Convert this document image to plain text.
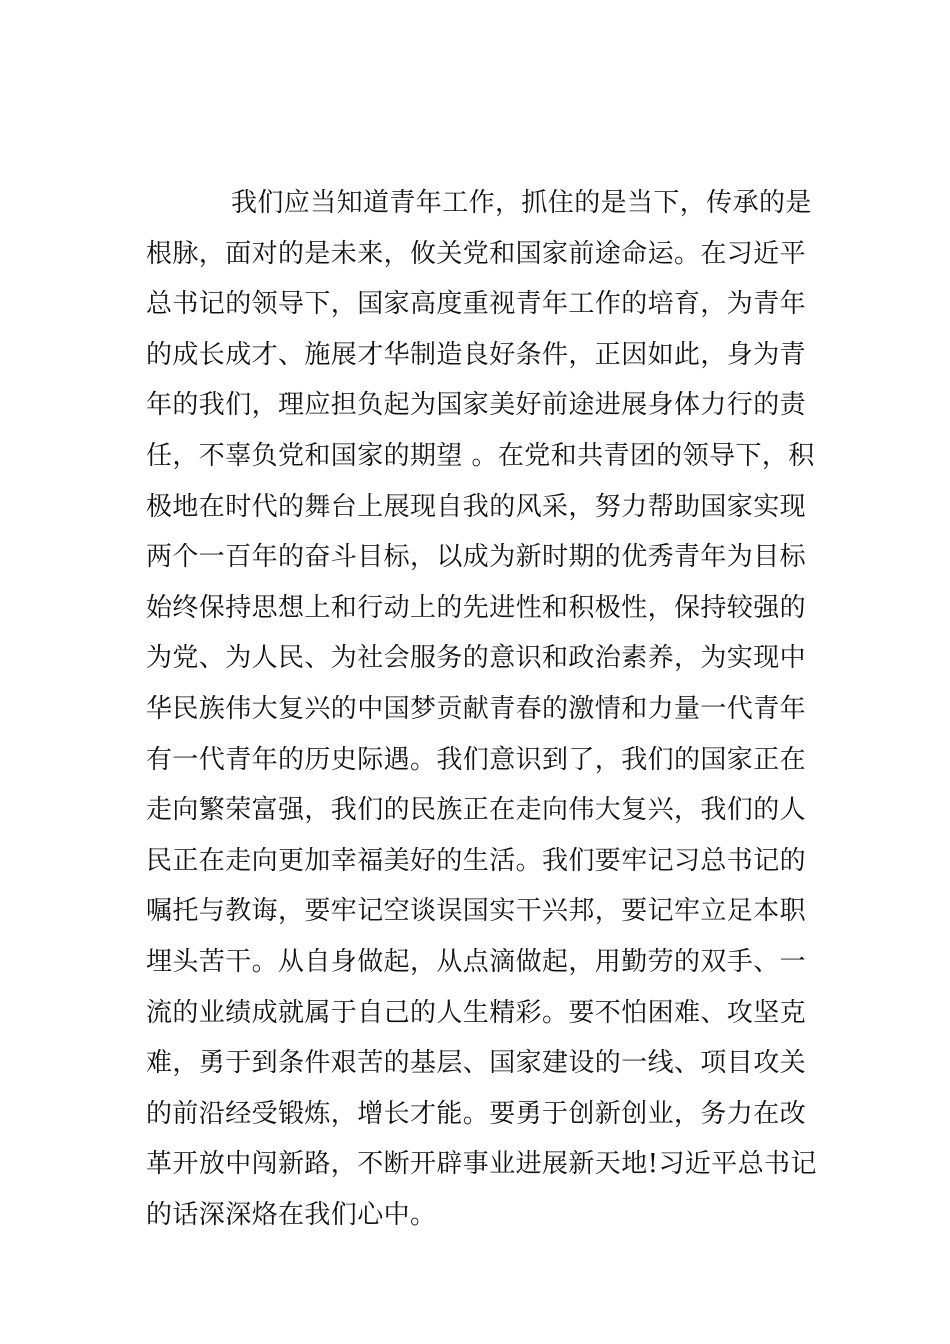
我们应当知道青年工作，抓住的是当下，传承的是
根脉，面对的是未来，攸关党和国家前途命运。在习近平
总书记的领导下，国家高度重视青年工作的培育，为青年
的成长成才、施展才华制造良好条件，正因如此，身为青
年的我们，理应担负起为国家美好前途进展身体力行的责
任，不辜负党和国家的期望 。在党和共青团的领导下，积
极地在时代的舞台上展现自我的风采，努力帮助国家实现
两个一百年的奋斗目标，以成为新时期的优秀青年为目标
始终保持思想上和行动上的先进性和积极性，保持较强的
为党、为人民、为社会服务的意识和政治素养，为实现中
华民族伟大复兴的中国梦贡献青春的激情和力量一代青年
有一代青年的历史际遇。我们意识到了，我们的国家正在
走向繁荣富强，我们的民族正在走向伟大复兴，我们的人
民正在走向更加幸福美好的生活。我们要牢记习总书记的
嘱托与教诲，要牢记空谈误国实干兴邦，要记牢立足本职
埋头苦干。从自身做起，从点滴做起，用勤劳的双手、一
流的业绩成就属于自己的人生精彩。要不怕困难、攻坚克
难，勇于到条件艰苦的基层、国家建设的一线、项目攻关
的前沿经受锻炼，增长才能。要勇于创新创业，务力在改
革开放中闯新路，不断开辟事业进展新天地!习近平总书记
的话深深烙在我们心中。
